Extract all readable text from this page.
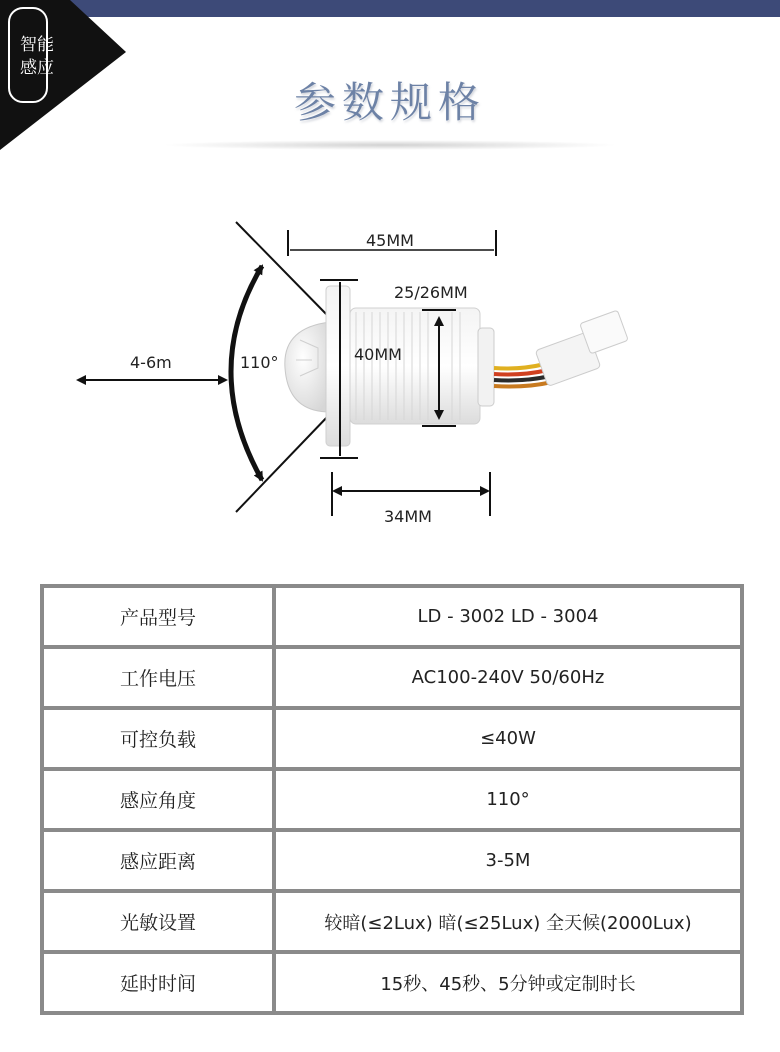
智能
感应
参数规格
45MM
25/26MM
40MM
34MM
4-6m	110°
产品型号	LD - 3002 LD - 3004
工作电压	AC100-240V 50/60Hz
可控负载	≤40W
感应角度	110°
感应距离	3-5M
光敏设置	较暗(≤2Lux) 暗(≤25Lux) 全天候(2000Lux)
延时时间	15秒、45秒、5分钟或定制时长
